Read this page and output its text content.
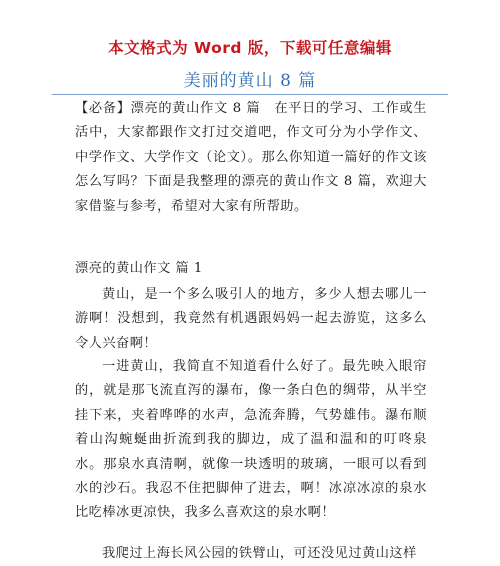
本文格式为 Word 版，下载可任意编辑
美丽的黄山 8 篇

【必备】漂亮的黄山作文 8 篇　在平日的学习、工作或生活中，大家都跟作文打过交道吧，作文可分为小学作文、中学作文、大学作文（论文）。那么你知道一篇好的作文该怎么写吗？下面是我整理的漂亮的黄山作文 8 篇，欢迎大家借鉴与参考，希望对大家有所帮助。

漂亮的黄山作文 篇 1

黄山，是一个多么吸引人的地方，多少人想去哪儿一游啊！没想到，我竟然有机遇跟妈妈一起去游览，这多么令人兴奋啊！

一进黄山，我简直不知道看什么好了。最先映入眼帘的，就是那飞流直泻的瀑布，像一条白色的绸带，从半空挂下来，夹着哗哗的水声，急流奔腾，气势雄伟。瀑布顺着山沟蜿蜒曲折流到我的脚边，成了温和温和的叮咚泉水。那泉水真清啊，就像一块透明的玻璃，一眼可以看到水的沙石。我忍不住把脚伸了进去，啊！冰凉冰凉的泉水比吃棒冰更凉快，我多么喜欢这的泉水啊！

我爬过上海长风公园的铁臂山，可还没见过黄山这样
